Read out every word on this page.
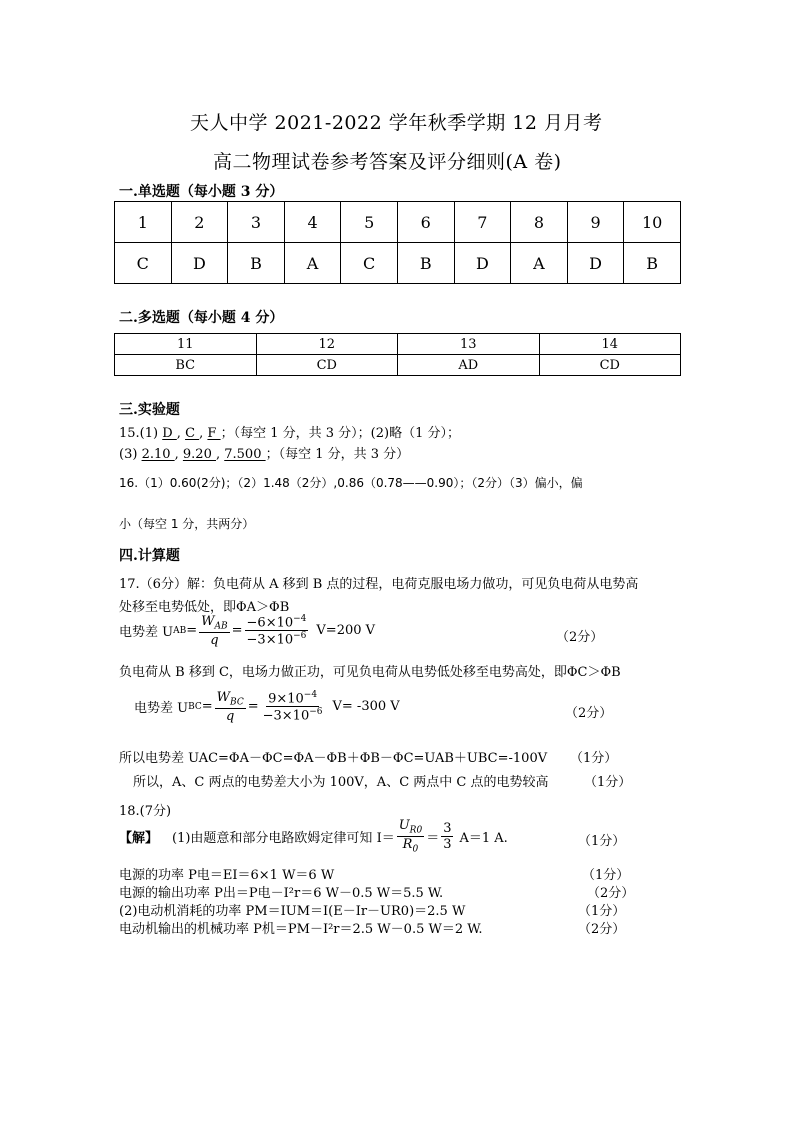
天人中学 2021-2022 学年秋季学期 12 月月考
高二物理试卷参考答案及评分细则(A 卷)
一.单选题（每小题 3 分）
1	2	3	4	5	6	7	8	9	10
C	D	B	A	C	B	D	A	D	B
二.多选题（每小题 4 分）
11	12	13	14
BC	CD	AD	CD
三.实验题
15.(1) D , C , F ；（每空 1 分，共 3 分）；(2)略（1 分）；
(3) 2.10 , 9.20 , 7.500 ；（每空 1 分，共 3 分）
16.（1）0.60(2分)；（2）1.48（2分）,0.86（0.78——0.90）；（2分）（3）偏小，偏
小（每空 1 分，共两分）
四.计算题
17.（6分）解：负电荷从 A 移到 B 点的过程，电荷克服电场力做功，可见负电荷从电势高
处移至电势低处，即ΦA＞ΦB
电势差 U AB = $\frac{W_{AB}}{q} = \frac{-6\times 10^{-4}}{-3\times 10^{-6}} V=200$ V	（2分）
负电荷从 B 移到 C，电场力做正功，可见负电荷从电势低处移至电势高处，即ΦC＞ΦB
电势差 U BC = $\frac{W_{BC}}{q} = \frac{9\times 10^{-4}}{-3\times 10^{-6}} V= -300$ V	（2分）
所以电势差 UAC=ΦA－ΦC=ΦA－ΦB＋ΦB－ΦC=UAB＋UBC=-100V （1分）
所以，A、C 两点的电势差大小为 100V，A、C 两点中 C 点的电势较高	（1分）
18.(7分)
【解】 (1)由题意和部分电路欧姆定律可知 $I= \frac{U_{R0}}{R_0} = \frac{3}{3} A=1$ A.	（1分）
电源的功率 P电＝EI＝6×1 W＝6 W	（1分）
电源的输出功率 P出＝P电－I²r＝6 W－0.5 W＝5.5 W.	（2分）
(2)电动机消耗的功率 PM＝IUM＝I(E－Ir－UR0)＝2.5 W	（1分）
电动机输出的机械功率 P机＝PM－I²r＝2.5 W－0.5 W＝2 W.	（2分）
